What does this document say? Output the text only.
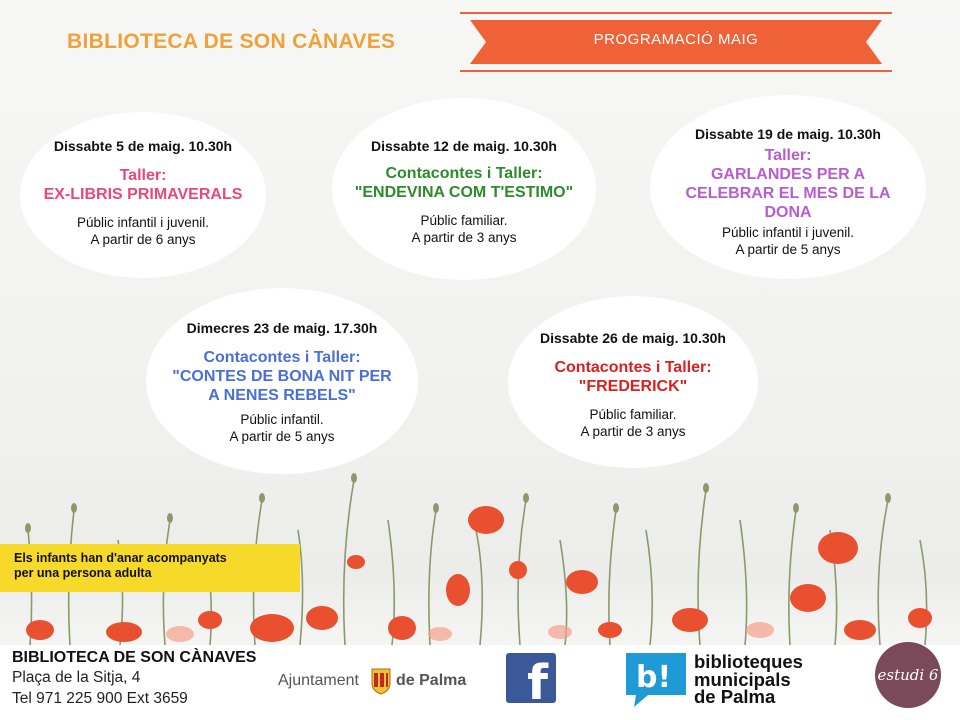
BIBLIOTECA DE SON CÀNAVES	PROGRAMACIÓ MAIG
Dissabte 5 de maig. 10.30h
Taller:
EX-LIBRIS PRIMAVERALS
Públic infantil i juvenil.
A partir de 6 anys
Dissabte 12 de maig. 10.30h
Contacontes i Taller:
"ENDEVINA COM T'ESTIMO"
Públic familiar.
A partir de 3 anys
Dissabte 19 de maig. 10.30h
Taller:
GARLANDES PER A
CELEBRAR EL MES DE LA
DONA
Públic infantil i juvenil.
A partir de 5 anys
Dimecres 23 de maig. 17.30h
Contacontes i Taller:
"CONTES DE BONA NIT PER
A NENES REBELS"
Públic infantil.
A partir de 5 anys
Dissabte 26 de maig. 10.30h
Contacontes i Taller:
"FREDERICK"
Públic familiar.
A partir de 3 anys
Els infants han d'anar acompanyats
per una persona adulta
BIBLIOTECA DE SON CÀNAVES
Plaça de la Sitja, 4
Tel 971 225 900 Ext 3659
Ajuntament de Palma f	b! biblioteques
municipals
de Palma
estudi 6
